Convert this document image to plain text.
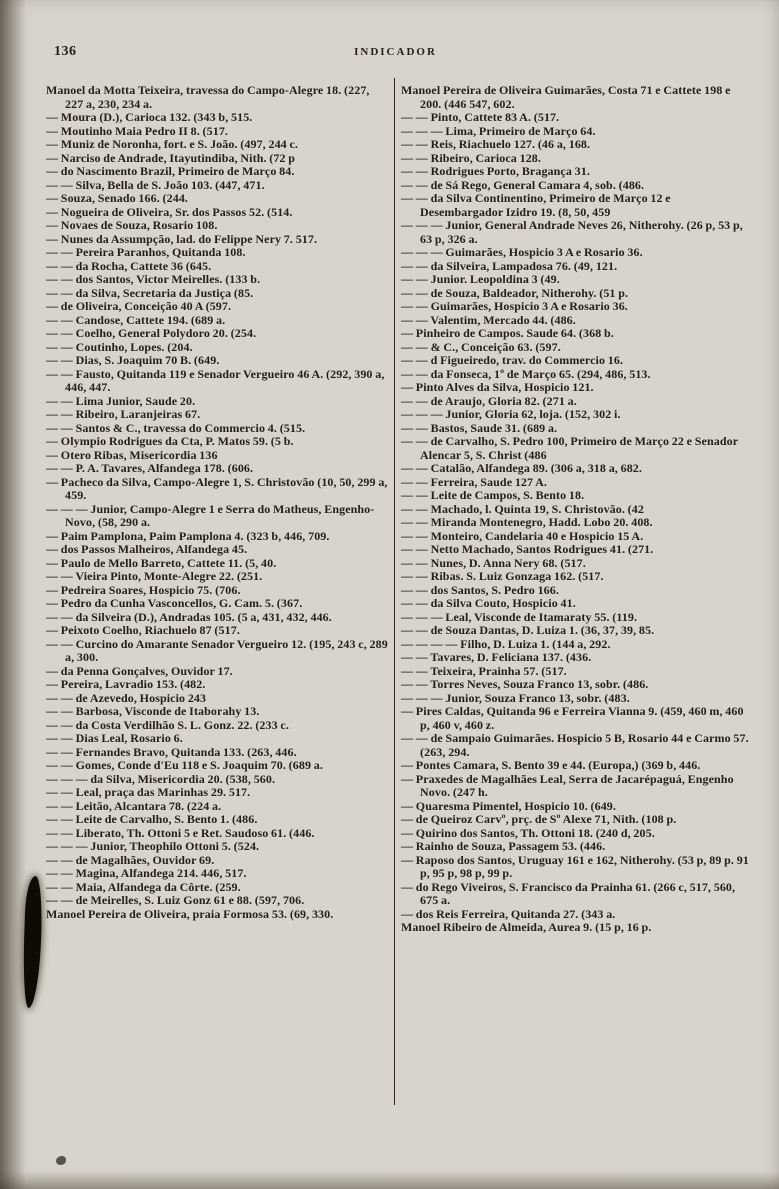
136	INDICADOR

Manoel da Motta Teixeira, travessa do Campo-Alegre 18. (227, 227 a, 230, 234 a.

— Moura (D.), Carioca 132. (343 b, 515.

— Moutinho Maia Pedro II 8. (517.

— Muniz de Noronha, fort. e S. João. (497, 244 c.

— Narciso de Andrade, Itayutindiba, Nith. (72 p

— do Nascimento Brazil, Primeiro de Março 84.

— — Silva, Bella de S. João 103. (447, 471.

— Souza, Senado 166. (244.

— Nogueira de Oliveira, Sr. dos Passos 52. (514.

— Novaes de Souza, Rosario 108.

— Nunes da Assumpção, lad. do Felippe Nery 7. 517.

— — Pereira Paranhos, Quitanda 108.

— — da Rocha, Cattete 36 (645.

— — dos Santos, Victor Meirelles. (133 b.

— — da Silva, Secretaria da Justiça (85.

— de Oliveira, Conceição 40 A (597.

— — Candose, Cattete 194. (689 a.

— — Coelho, General Polydoro 20. (254.

— — Coutinho, Lopes. (204.

— — Dias, S. Joaquim 70 B. (649.

— — Fausto, Quitanda 119 e Senador Vergueiro 46 A. (292, 390 a, 446, 447.

— — Lima Junior, Saude 20.

— — Ribeiro, Laranjeiras 67.

— — Santos & C., travessa do Commercio 4. (515.

— Olympio Rodrigues da Cta, P. Matos 59. (5 b.

— Otero Ribas, Misericordia 136

— — P. A. Tavares, Alfandega 178. (606.

— Pacheco da Silva, Campo-Alegre 1, S. Christovão (10, 50, 299 a, 459.

— — — Junior, Campo-Alegre 1 e Serra do Matheus, Engenho-Novo, (58, 290 a.

— Paim Pamplona, Paim Pamplona 4. (323 b, 446, 709.

— dos Passos Malheiros, Alfandega 45.

— Paulo de Mello Barreto, Cattete 11. (5, 40.

— — Vieira Pinto, Monte-Alegre 22. (251.

— Pedreira Soares, Hospicio 75. (706.

— Pedro da Cunha Vasconcellos, G. Cam. 5. (367.

— — da Silveira (D.), Andradas 105. (5 a, 431, 432, 446.

— Peixoto Coelho, Riachuelo 87 (517.

— — Curcino do Amarante Senador Vergueiro 12. (195, 243 c, 289 a, 300.

— da Penna Gonçalves, Ouvidor 17.

— Pereira, Lavradio 153. (482.

— — de Azevedo, Hospicio 243

— — Barbosa, Visconde de Itaborahy 13.

— — da Costa Verdilhão S. L. Gonz. 22. (233 c.

— — Dias Leal, Rosario 6.

— — Fernandes Bravo, Quitanda 133. (263, 446.

— — Gomes, Conde d'Eu 118 e S. Joaquim 70. (689 a.

— — — da Silva, Misericordia 20. (538, 560.

— — Leal, praça das Marinhas 29. 517.

— — Leitão, Alcantara 78. (224 a.

— — Leite de Carvalho, S. Bento 1. (486.

— — Liberato, Th. Ottoni 5 e Ret. Saudoso 61. (446.

— — — Junior, Theophilo Ottoni 5. (524.

— — de Magalhães, Ouvidor 69.

— — Magina, Alfandega 214. 446, 517.

— — Maia, Alfandega da Côrte. (259.

— — de Meirelles, S. Luiz Gonz 61 e 88. (597, 706.

Manoel Pereira de Oliveira, praia Formosa 53. (69, 330.

Manoel Pereira de Oliveira Guimarães, Costa 71 e Cattete 198 e 200. (446 547, 602.

— — Pinto, Cattete 83 A. (517.

— — — Lima, Primeiro de Março 64.

— — Reis, Riachuelo 127. (46 a, 168.

— — Ribeiro, Carioca 128.

— — Rodrigues Porto, Bragança 31.

— — de Sá Rego, General Camara 4, sob. (486.

— — da Silva Continentino, Primeiro de Março 12 e Desembargador Izidro 19. (8, 50, 459

— — — Junior, General Andrade Neves 26, Nitherohy. (26 p, 53 p, 63 p, 326 a.

— — — Guimarães, Hospicio 3 A e Rosario 36.

— — da Silveira, Lampadosa 76. (49, 121.

— — Junior. Leopoldina 3 (49.

— — de Souza, Baldeador, Nitherohy. (51 p.

— — Guimarães, Hospicio 3 A e Rosario 36.

— — Valentim, Mercado 44. (486.

— Pinheiro de Campos. Saude 64. (368 b.

— — & C., Conceição 63. (597.

— — d Figueiredo, trav. do Commercio 16.

— — da Fonseca, 1º de Março 65. (294, 486, 513.

— Pinto Alves da Silva, Hospicio 121.

— — de Araujo, Gloria 82. (271 a.

— — — Junior, Gloria 62, loja. (152, 302 i.

— — Bastos, Saude 31. (689 a.

— — de Carvalho, S. Pedro 100, Primeiro de Março 22 e Senador Alencar 5, S. Christ (486

— — Catalão, Alfandega 89. (306 a, 318 a, 682.

— — Ferreira, Saude 127 A.

— — Leite de Campos, S. Bento 18.

— — Machado, l. Quinta 19, S. Christovão. (42

— — Miranda Montenegro, Hadd. Lobo 20. 408.

— — Monteiro, Candelaria 40 e Hospicio 15 A.

— — Netto Machado, Santos Rodrigues 41. (271.

— — Nunes, D. Anna Nery 68. (517.

— — Ribas. S. Luiz Gonzaga 162. (517.

— — dos Santos, S. Pedro 166.

— — da Silva Couto, Hospicio 41.

— — — Leal, Visconde de Itamaraty 55. (119.

— — de Souza Dantas, D. Luiza 1. (36, 37, 39, 85.

— — — — Filho, D. Luiza 1. (144 a, 292.

— — Tavares, D. Feliciana 137. (436.

— — Teixeira, Prainha 57. (517.

— — Torres Neves, Souza Franco 13, sobr. (486.

— — — Junior, Souza Franco 13, sobr. (483.

— Pires Caldas, Quitanda 96 e Ferreira Vianna 9. (459, 460 m, 460 p, 460 v, 460 z.

— — de Sampaio Guimarães. Hospicio 5 B, Rosario 44 e Carmo 57. (263, 294.

— Pontes Camara, S. Bento 39 e 44. (Europa,) (369 b, 446.

— Praxedes de Magalhães Leal, Serra de Jacarépaguá, Engenho Novo. (247 h.

— Quaresma Pimentel, Hospicio 10. (649.

— de Queiroz Carvº, prç. de Sº Alexe 71, Nith. (108 p.

— Quirino dos Santos, Th. Ottoni 18. (240 d, 205.

— Rainho de Souza, Passagem 53. (446.

— Raposo dos Santos, Uruguay 161 e 162, Nitherohy. (53 p, 89 p. 91 p, 95 p, 98 p, 99 p.

— do Rego Viveiros, S. Francisco da Prainha 61. (266 c, 517, 560, 675 a.

— dos Reis Ferreira, Quitanda 27. (343 a.

Manoel Ribeiro de Almeida, Aurea 9. (15 p, 16 p.
